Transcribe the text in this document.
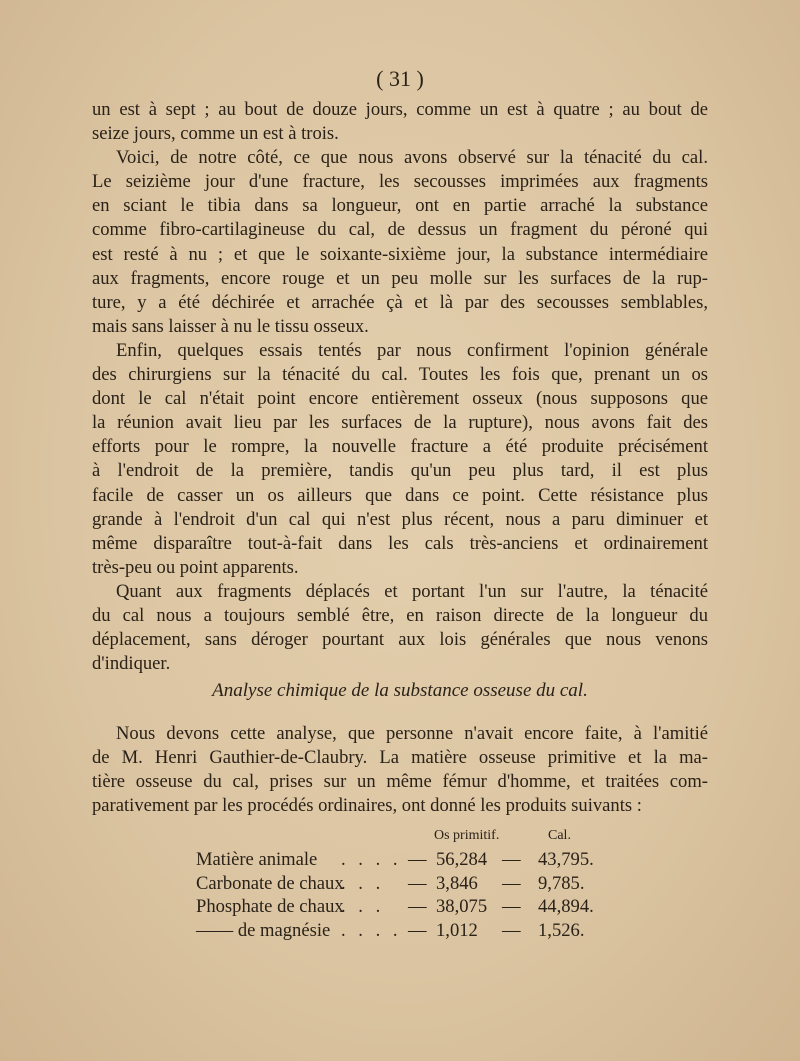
( 31 )
un est à sept ; au bout de douze jours, comme un est à quatre ; au bout de
seize jours, comme un est à trois.
Voici, de notre côté, ce que nous avons observé sur la ténacité du cal.
Le seizième jour d'une fracture, les secousses imprimées aux fragments
en sciant le tibia dans sa longueur, ont en partie arraché la substance
comme fibro-cartilagineuse du cal, de dessus un fragment du péroné qui
est resté à nu ; et que le soixante-sixième jour, la substance intermédiaire
aux fragments, encore rouge et un peu molle sur les surfaces de la rup-
ture, y a été déchirée et arrachée çà et là par des secousses semblables,
mais sans laisser à nu le tissu osseux.
Enfin, quelques essais tentés par nous confirment l'opinion générale
des chirurgiens sur la ténacité du cal. Toutes les fois que, prenant un os
dont le cal n'était point encore entièrement osseux (nous supposons que
la réunion avait lieu par les surfaces de la rupture), nous avons fait des
efforts pour le rompre, la nouvelle fracture a été produite précisément
à l'endroit de la première, tandis qu'un peu plus tard, il est plus
facile de casser un os ailleurs que dans ce point. Cette résistance plus
grande à l'endroit d'un cal qui n'est plus récent, nous a paru diminuer et
même disparaître tout-à-fait dans les cals très-anciens et ordinairement
très-peu ou point apparents.
Quant aux fragments déplacés et portant l'un sur l'autre, la ténacité
du cal nous a toujours semblé être, en raison directe de la longueur du
déplacement, sans déroger pourtant aux lois générales que nous venons
d'indiquer.
Analyse chimique de la substance osseuse du cal.
Nous devons cette analyse, que personne n'avait encore faite, à l'amitié
de M. Henri Gauthier-de-Claubry. La matière osseuse primitive et la ma-
tière osseuse du cal, prises sur un même fémur d'homme, et traitées com-
parativement par les procédés ordinaires, ont donné les produits suivants :
Os primitif.	Cal.
Matière animale . . . . — 56,284 — 43,795.
Carbonate de chaux
. . . — 3,846 — 9,785.
Phosphate de chaux
. . . — 38,075 — 44,894.
—— de magnésie . . . . — 1,012 — 1,526.
